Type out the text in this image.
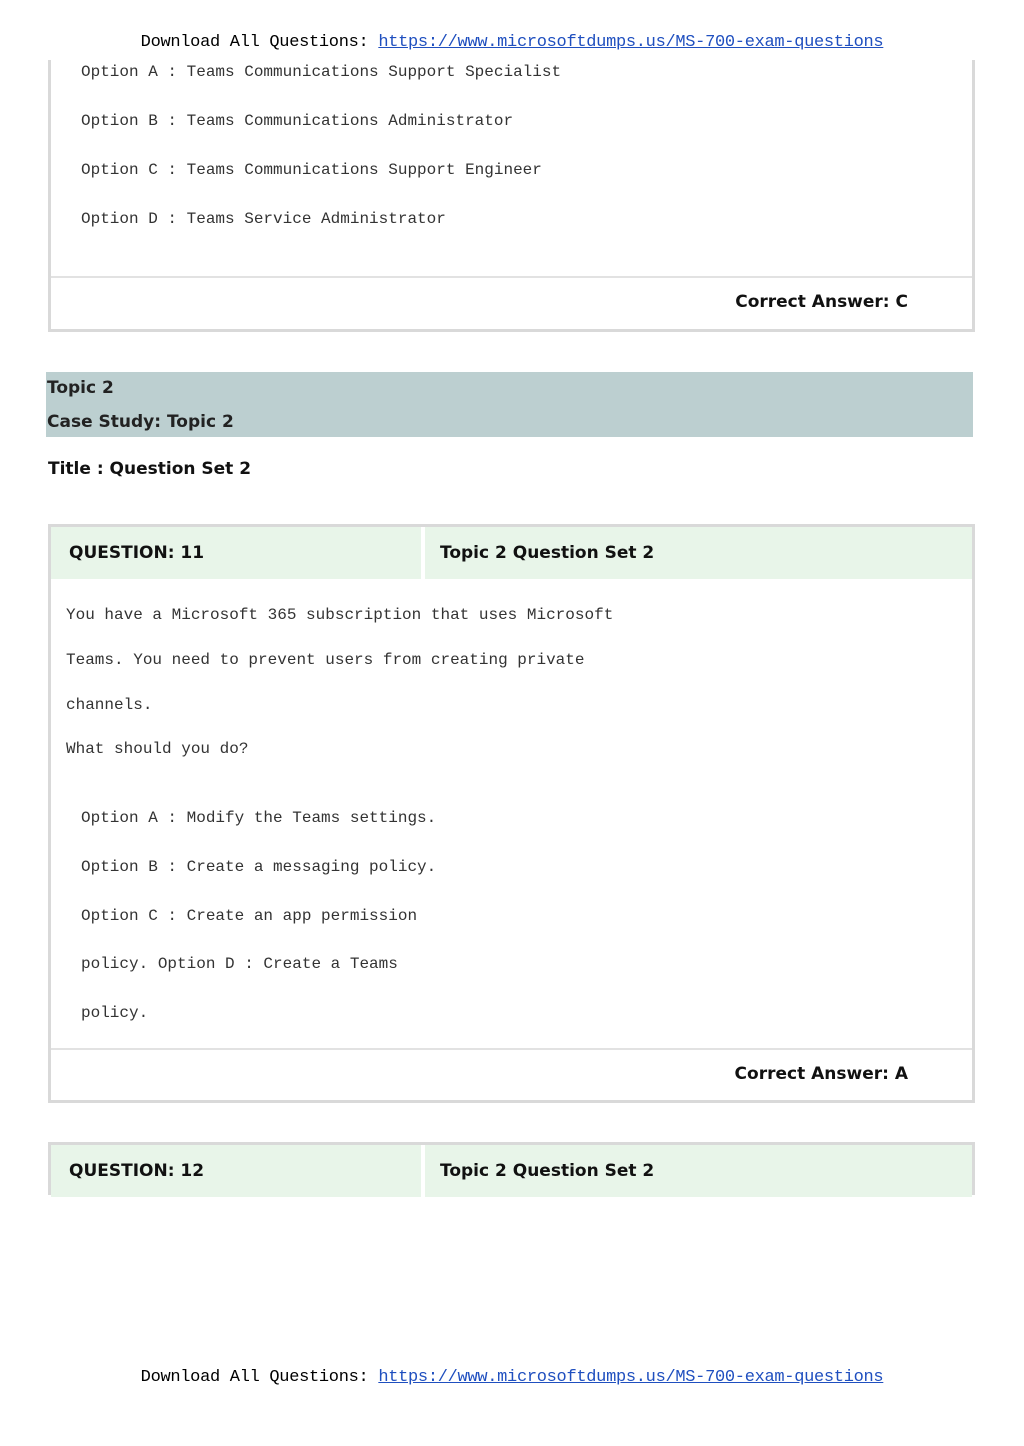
Download All Questions: https://www.microsoftdumps.us/MS-700-exam-questions
Option A : Teams Communications Support Specialist
Option B : Teams Communications Administrator
Option C : Teams Communications Support Engineer
Option D : Teams Service Administrator
Correct Answer: C
Topic 2
Case Study: Topic 2
Title : Question Set 2
QUESTION: 11	Topic 2 Question Set 2
You have a Microsoft 365 subscription that uses Microsoft
Teams. You need to prevent users from creating private
channels.
What should you do?
Option A : Modify the Teams settings.
Option B : Create a messaging policy.
Option C : Create an app permission
policy. Option D : Create a Teams
policy.
Correct Answer: A
QUESTION: 12	Topic 2 Question Set 2
Download All Questions: https://www.microsoftdumps.us/MS-700-exam-questions
